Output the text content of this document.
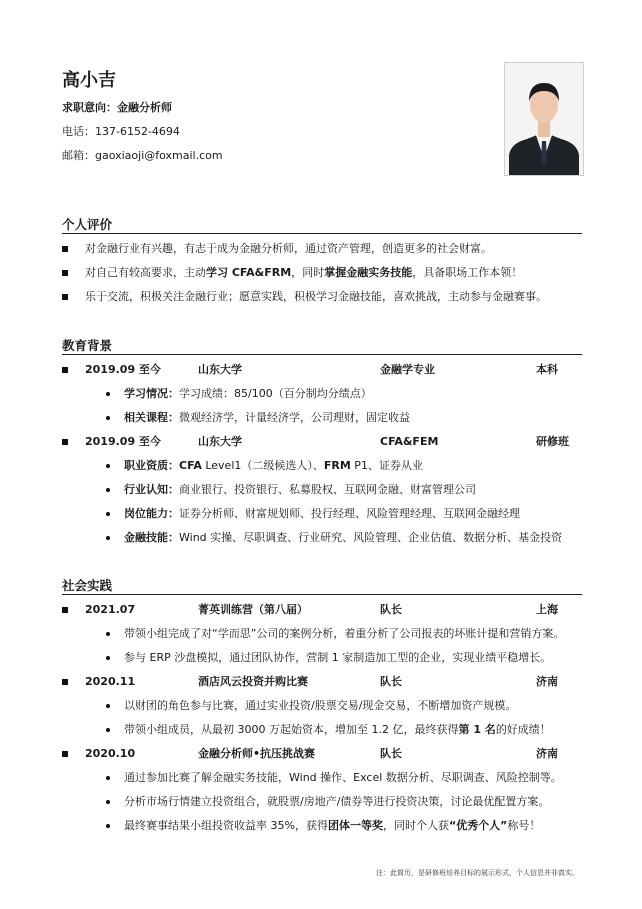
高小吉
求职意向：金融分析师
电话：137-6152-4694
邮箱：gaoxiaoji@foxmail.com
个人评价
对金融行业有兴趣，有志于成为金融分析师，通过资产管理，创造更多的社会财富。
对自己有较高要求，主动学习 CFA&FRM，同时掌握金融实务技能，具备职场工作本领！
乐于交流，积极关注金融行业；愿意实践，积极学习金融技能，喜欢挑战，主动参与金融赛事。
教育背景
2019.09 至今	山东大学	金融学专业	本科
学习情况：学习成绩：85/100（百分制均分绩点）
相关课程：微观经济学，计量经济学，公司理财，固定收益
2019.09 至今	山东大学	CFA&FEM	研修班
职业资质：CFA Level1（二级候选人）、FRM P1、证券从业
行业认知：商业银行、投资银行、私募股权、互联网金融、财富管理公司
岗位能力：证券分析师、财富规划师、投行经理、风险管理经理、互联网金融经理
金融技能：Wind 实操、尽职调查、行业研究、风险管理、企业估值、数据分析、基金投资
社会实践
2021.07	菁英训练营（第八届）	队长	上海
带领小组完成了对“学而思”公司的案例分析，着重分析了公司报表的坏账计提和营销方案。
参与 ERP 沙盘模拟，通过团队协作，营制 1 家制造加工型的企业，实现业绩平稳增长。
2020.11	酒店风云投资并购比赛	队长	济南
以财团的角色参与比赛，通过实业投资/股票交易/现金交易，不断增加资产规模。
带领小组成员，从最初 3000 万起始资本，增加至 1.2 亿，最终获得第 1 名的好成绩！
2020.10	金融分析师•抗压挑战赛	队长	济南
通过参加比赛了解金融实务技能，Wind 操作、Excel 数据分析、尽职调查、风险控制等。
分析市场行情建立投资组合，就股票/房地产/债券等进行投资决策，讨论最优配置方案。
最终赛事结果小组投资收益率 35%，获得团体一等奖，同时个人获“优秀个人”称号！
注：此简历，是研修班培养目标的展示形式，个人信息并非真实。
